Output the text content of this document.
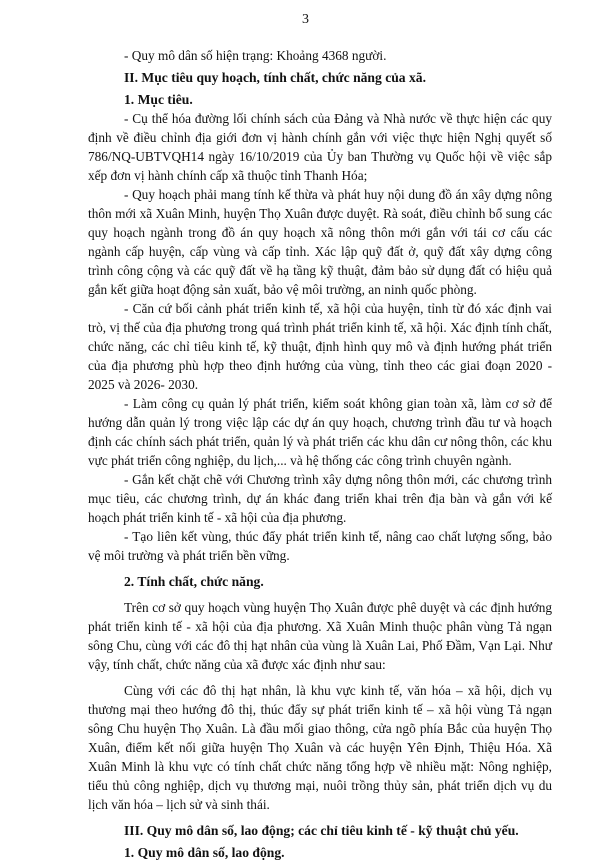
3

- Quy mô dân số hiện trạng: Khoảng 4368 người.

II. Mục tiêu quy hoạch, tính chất, chức năng của xã.

1. Mục tiêu.

- Cụ thể hóa đường lối chính sách của Đảng và Nhà nước về thực hiện các quy định về điều chỉnh địa giới đơn vị hành chính gắn với việc thực hiện Nghị quyết số 786/NQ-UBTVQH14 ngày 16/10/2019 của Ủy ban Thường vụ Quốc hội về việc sắp xếp đơn vị hành chính cấp xã thuộc tỉnh Thanh Hóa;

- Quy hoạch phải mang tính kế thừa và phát huy nội dung đồ án xây dựng nông thôn mới xã Xuân Minh, huyện Thọ Xuân được duyệt. Rà soát, điều chỉnh bổ sung các quy hoạch ngành trong đồ án quy hoạch xã nông thôn mới gắn với tái cơ cấu các ngành cấp huyện, cấp vùng và cấp tỉnh. Xác lập quỹ đất ở, quỹ đất xây dựng công trình công cộng và các quỹ đất về hạ tầng kỹ thuật, đảm bảo sử dụng đất có hiệu quả gắn kết giữa hoạt động sản xuất, bảo vệ môi trường, an ninh quốc phòng.

- Căn cứ bối cảnh phát triển kinh tế, xã hội của huyện, tỉnh từ đó xác định vai trò, vị thế của địa phương trong quá trình phát triển kinh tế, xã hội. Xác định tính chất, chức năng, các chỉ tiêu kinh tế, kỹ thuật, định hình quy mô và định hướng phát triển của địa phương phù hợp theo định hướng của vùng, tỉnh theo các giai đoạn 2020 - 2025 và 2026- 2030.

- Làm công cụ quản lý phát triển, kiểm soát không gian toàn xã, làm cơ sở để hướng dẫn quản lý trong việc lập các dự án quy hoạch, chương trình đầu tư và hoạch định các chính sách phát triển, quản lý và phát triển các khu dân cư nông thôn, các khu vực phát triển công nghiệp, du lịch,... và hệ thống các công trình chuyên ngành.

- Gắn kết chặt chẽ với Chương trình xây dựng nông thôn mới, các chương trình mục tiêu, các chương trình, dự án khác đang triển khai trên địa bàn và gắn với kế hoạch phát triển kinh tế - xã hội của địa phương.

- Tạo liên kết vùng, thúc đẩy phát triển kinh tế, nâng cao chất lượng sống, bảo vệ môi trường và phát triển bền vững.

2. Tính chất, chức năng.

Trên cơ sở quy hoạch vùng huyện Thọ Xuân được phê duyệt và các định hướng phát triển kinh tế - xã hội của địa phương. Xã Xuân Minh thuộc phân vùng Tả ngạn sông Chu, cùng với các đô thị hạt nhân của vùng là Xuân Lai, Phố Đầm, Vạn Lại. Như vậy, tính chất, chức năng của xã được xác định như sau:

Cùng với các đô thị hạt nhân, là khu vực kinh tế, văn hóa – xã hội, dịch vụ thương mại theo hướng đô thị, thúc đẩy sự phát triển kinh tế – xã hội vùng Tả ngạn sông Chu huyện Thọ Xuân. Là đầu mối giao thông, cửa ngõ phía Bắc của huyện Thọ Xuân, điểm kết nối giữa huyện Thọ Xuân và các huyện Yên Định, Thiệu Hóa. Xã Xuân Minh là khu vực có tính chất chức năng tổng hợp về nhiều mặt: Nông nghiệp, tiểu thủ công nghiệp, dịch vụ thương mại, nuôi trồng thủy sản, phát triển dịch vụ du lịch văn hóa – lịch sử và sinh thái.

III. Quy mô dân số, lao động; các chỉ tiêu kinh tế - kỹ thuật chủ yếu.

1. Quy mô dân số, lao động.
